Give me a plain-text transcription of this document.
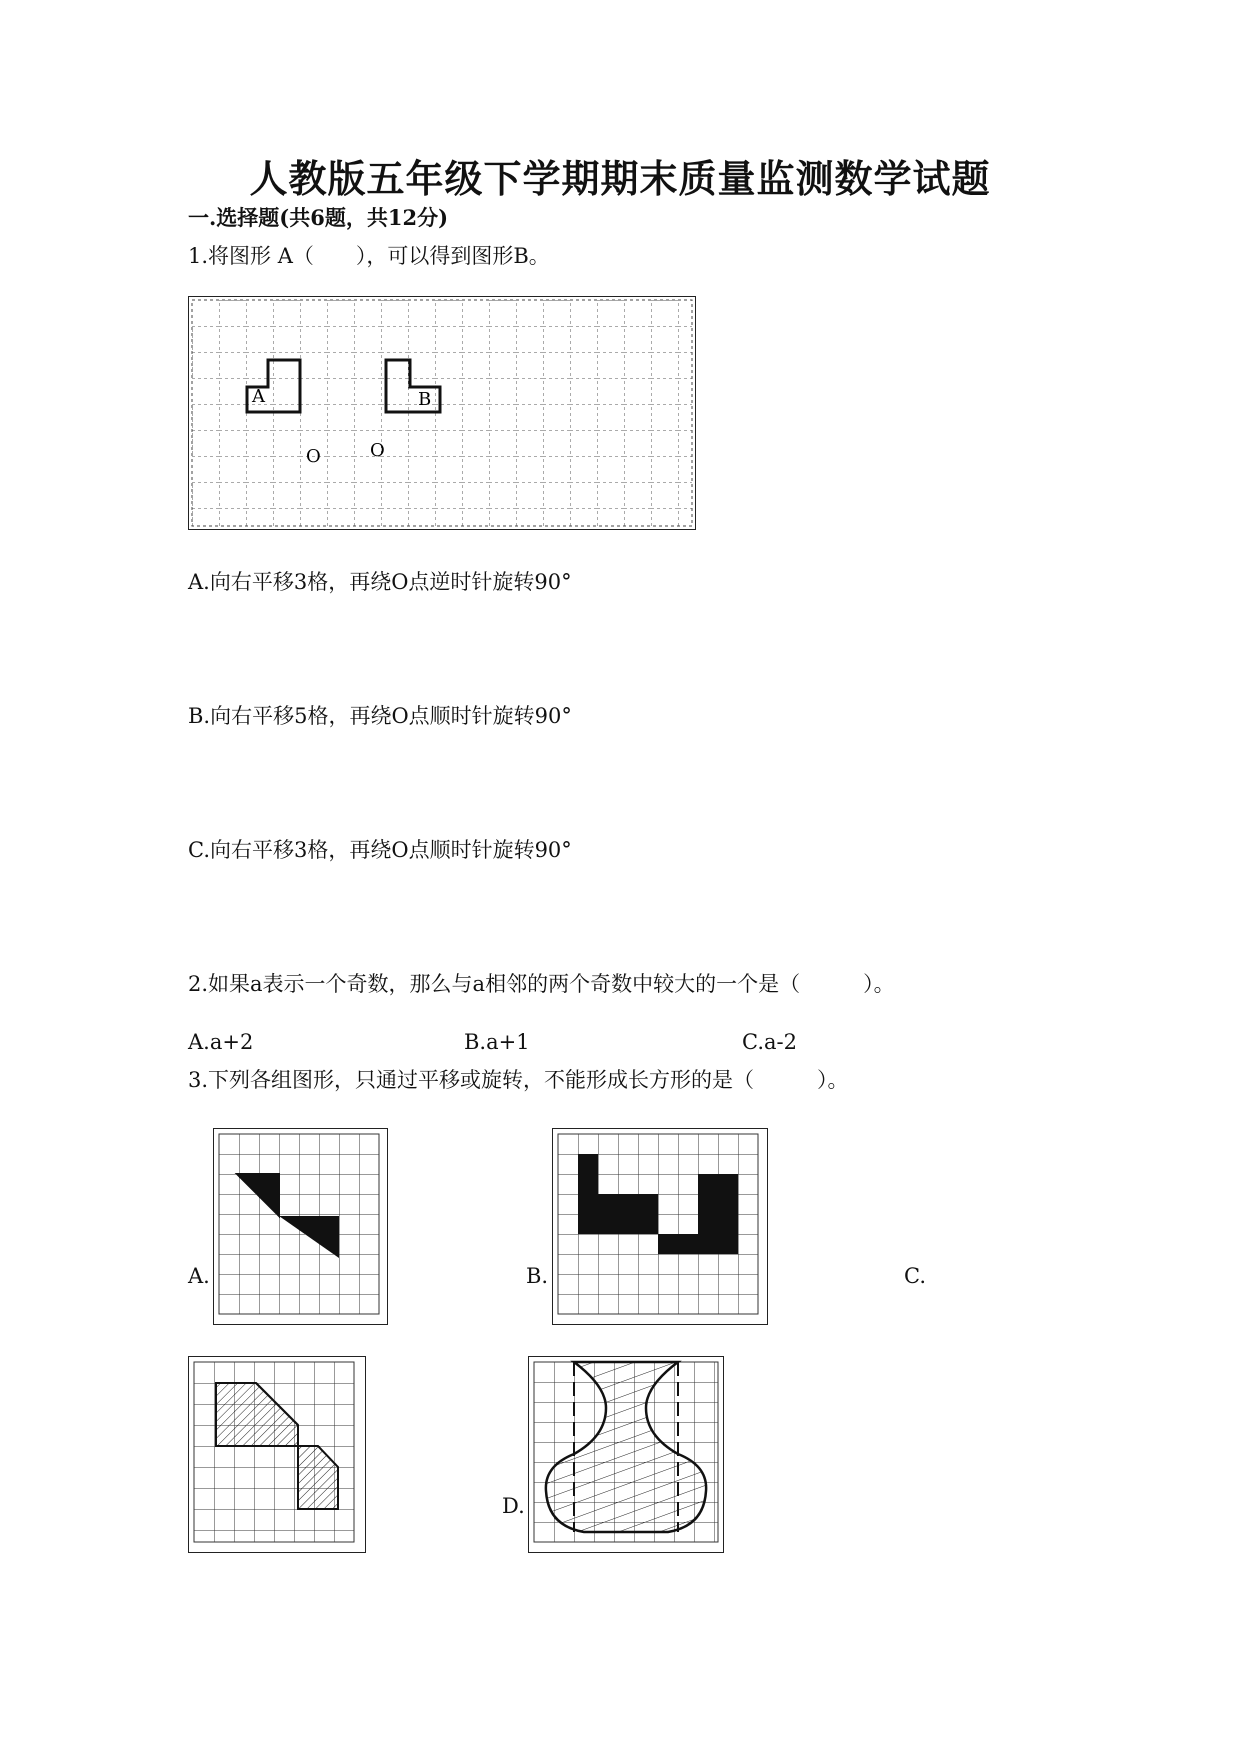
人教版五年级下学期期末质量监测数学试题
一.选择题(共6题，共12分)
1.将图形 A（　　），可以得到图形B。
A
O	O
B
A.向右平移3格，再绕O点逆时针旋转90°
B.向右平移5格，再绕O点顺时针旋转90°
C.向右平移3格，再绕O点顺时针旋转90°
2.如果a表示一个奇数，那么与a相邻的两个奇数中较大的一个是（　　　）。
A.a+2	B.a+1	C.a-2
3.下列各组图形，只通过平移或旋转，不能形成长方形的是（　　　）。
A.	B.	C.
D.
